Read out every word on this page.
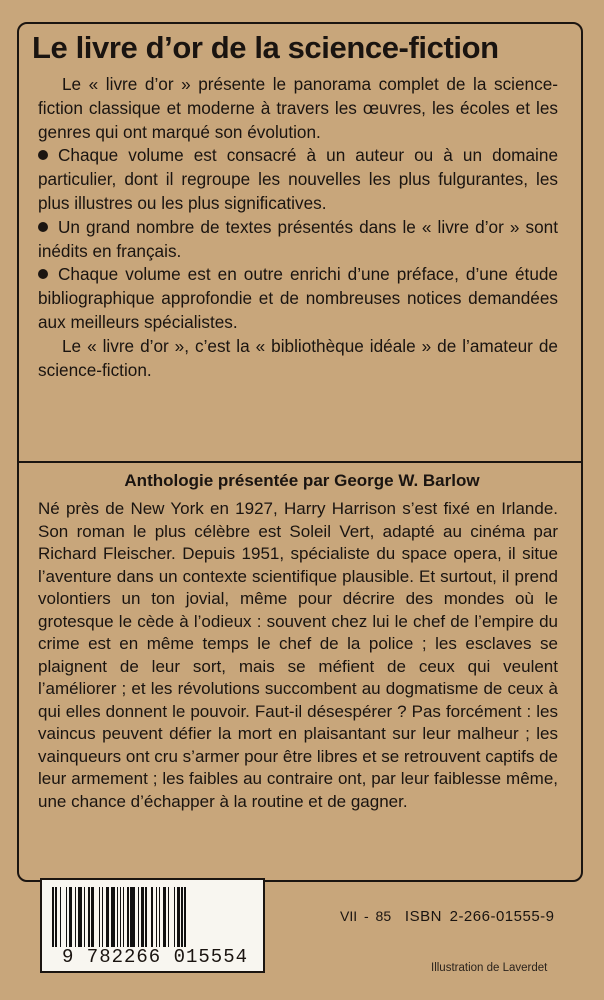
Le livre d’or de la science-fiction

Le « livre d’or » présente le panorama complet de la science-fiction classique et moderne à travers les œuvres, les écoles et les genres qui ont marqué son évolution.

Chaque volume est consacré à un auteur ou à un domaine particulier, dont il regroupe les nouvelles les plus fulgurantes, les plus illustres ou les plus significatives.

Un grand nombre de textes présentés dans le « livre d’or » sont inédits en français.

Chaque volume est en outre enrichi d’une préface, d’une étude bibliographique approfondie et de nombreuses notices demandées aux meilleurs spécialistes.

Le « livre d’or », c’est la « bibliothèque idéale » de l’amateur de science-fiction.

Anthologie présentée par George W. Barlow

Né près de New York en 1927, Harry Harrison s’est fixé en Irlande. Son roman le plus célèbre est Soleil Vert, adapté au cinéma par Richard Fleischer. Depuis 1951, spécialiste du space opera, il situe l’aventure dans un contexte scientifique plausible. Et surtout, il prend volontiers un ton jovial, même pour décrire des mondes où le grotesque le cède à l’odieux : souvent chez lui le chef de l’empire du crime est en même temps le chef de la police ; les esclaves se plaignent de leur sort, mais se méfient de ceux qui veulent l’améliorer ; et les révolutions succombent au dogmatisme de ceux à qui elles donnent le pouvoir. Faut-il désespérer ? Pas forcément : les vaincus peuvent défier la mort en plaisantant sur leur malheur ; les vainqueurs ont cru s’armer pour être libres et se retrouvent captifs de leur armement ; les faibles au contraire ont, par leur faiblesse même, une chance d’échapper à la routine et de gagner.

9 782266 015554
VII - 85 ISBN 2-266-01555-9
Illustration de Laverdet
